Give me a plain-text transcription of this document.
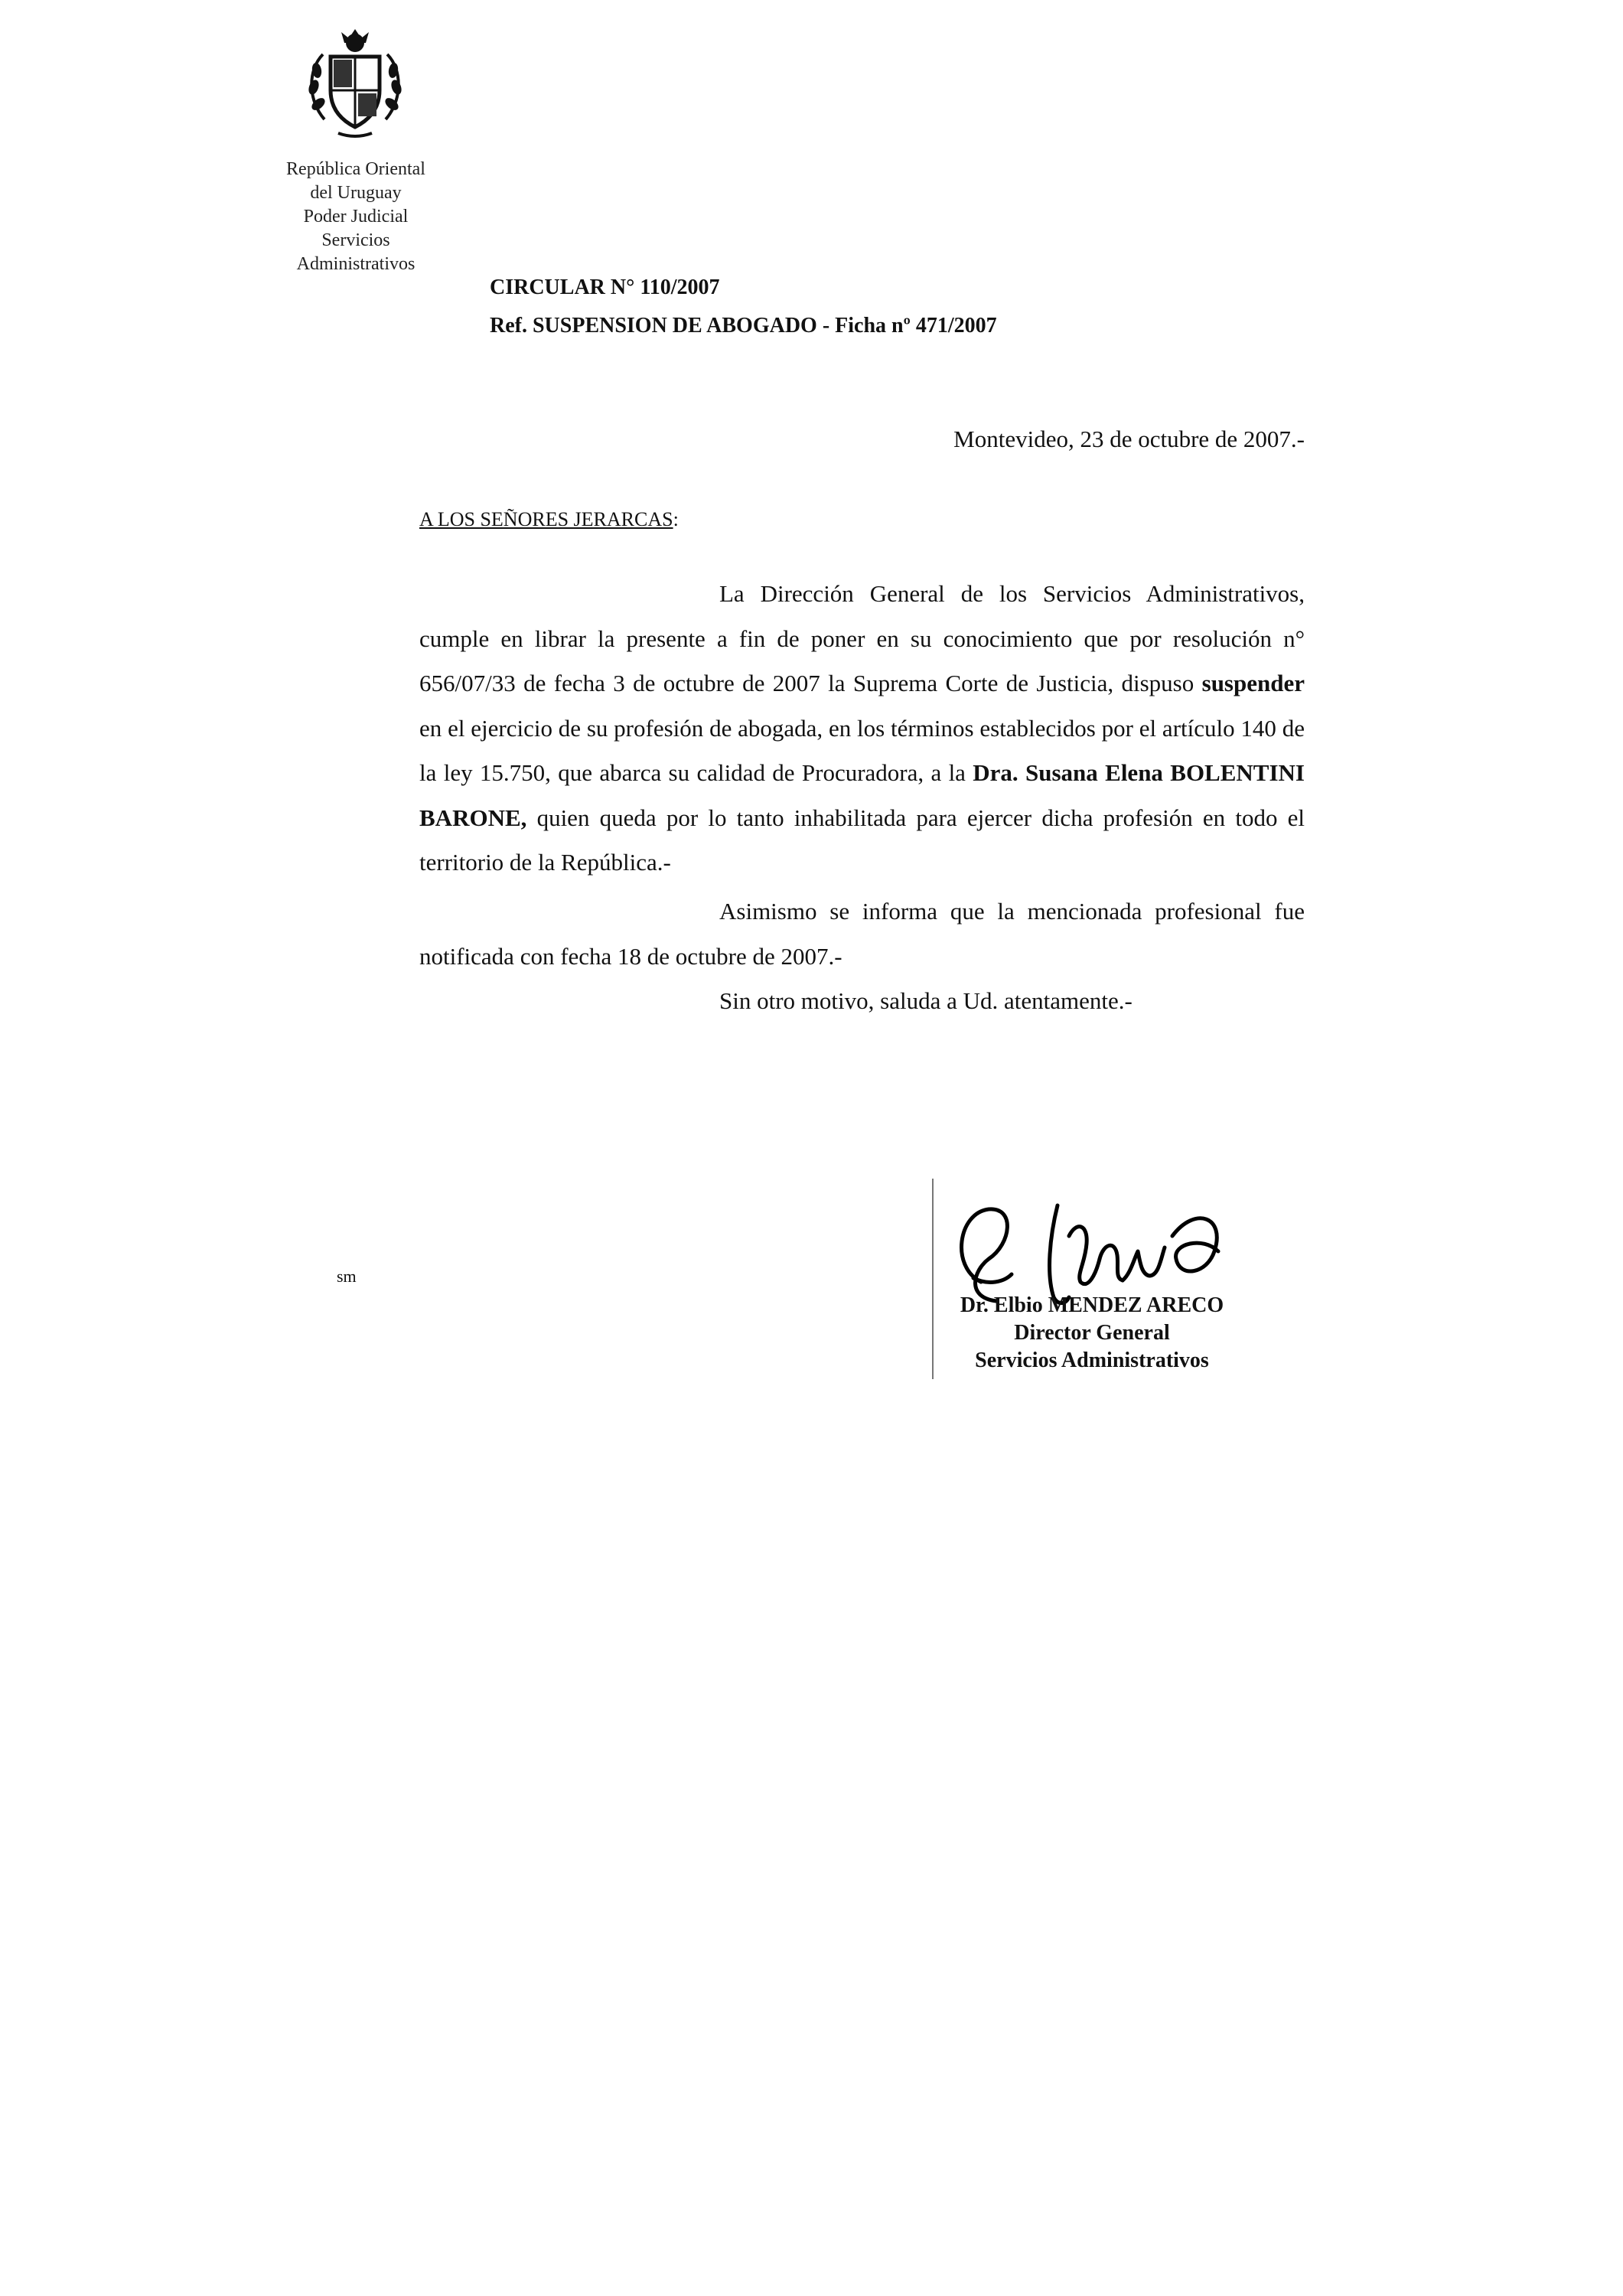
República Oriental
del Uruguay
Poder Judicial
Servicios
Administrativos
CIRCULAR N° 110/2007
Ref. SUSPENSION DE ABOGADO - Ficha nº 471/2007
Montevideo, 23 de octubre de 2007.-
A LOS SEÑORES JERARCAS:
La Dirección General de los Servicios Administrativos, cumple en librar la presente a fin de poner en su conocimiento que por resolución n° 656/07/33 de fecha 3 de octubre de 2007 la Suprema Corte de Justicia, dispuso suspender en el ejercicio de su profesión de abogada, en los términos establecidos por el artículo 140 de la ley 15.750, que abarca su calidad de Procuradora, a la Dra. Susana Elena BOLENTINI BARONE, quien queda por lo tanto inhabilitada para ejercer dicha profesión en todo el territorio de la República.-
Asimismo se informa que la mencionada profesional fue notificada con fecha 18 de octubre de 2007.-
Sin otro motivo, saluda a Ud. atentamente.-
sm
Dr. Elbio MENDEZ ARECO
Director General
Servicios Administrativos
